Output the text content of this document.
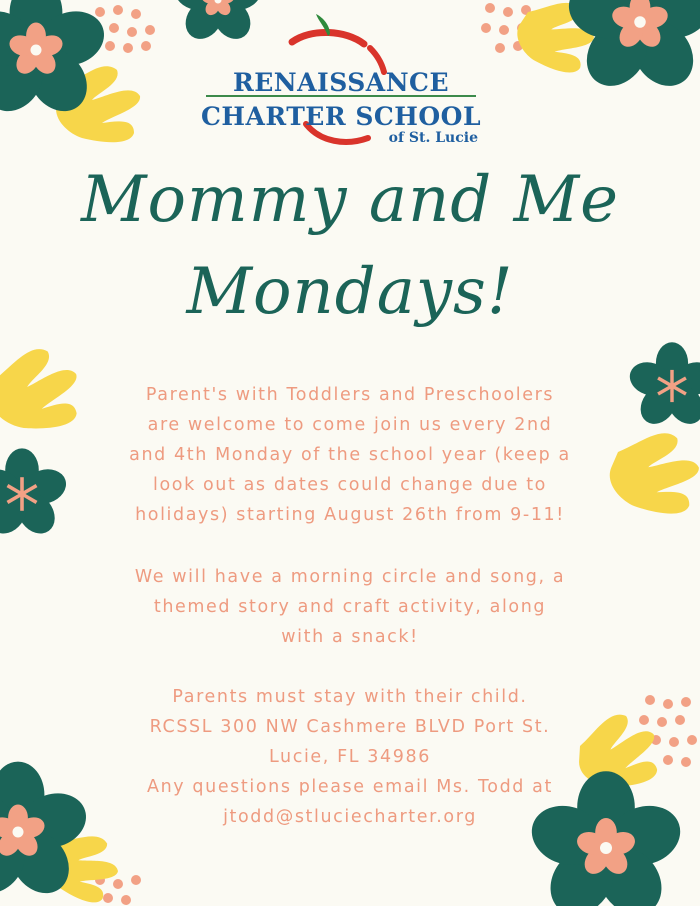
RENAISSANCE
CHARTER SCHOOL
of St. Lucie
Mommy and Me
Mondays!
Parent's with Toddlers and Preschoolers
are welcome to come join us every 2nd
and 4th Monday of the school year (keep a
look out as dates could change due to
holidays) starting August 26th from 9-11!
We will have a morning circle and song, a
themed story and craft activity, along
with a snack!
Parents must stay with their child.
RCSSL 300 NW Cashmere BLVD Port St.
Lucie, FL 34986
Any questions please email Ms. Todd at
jtodd@stluciecharter.org
